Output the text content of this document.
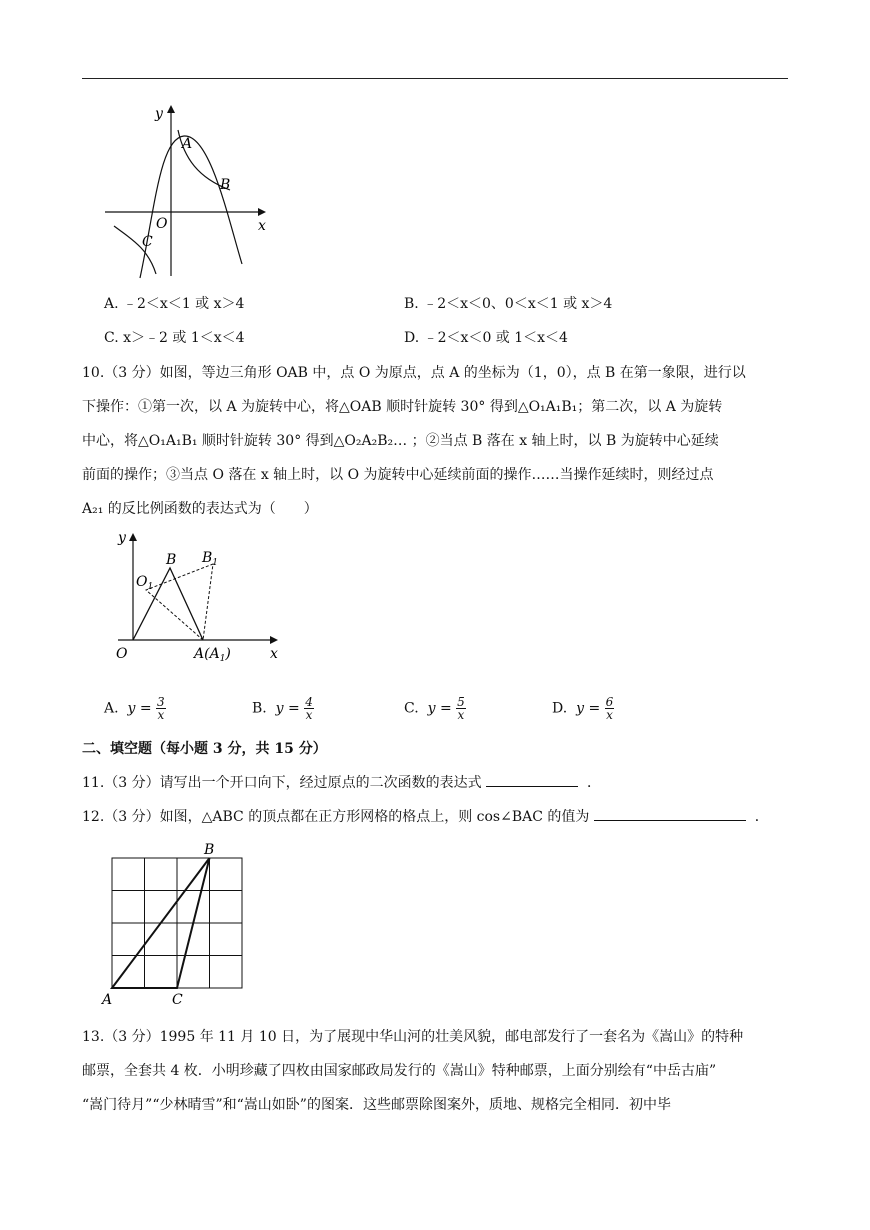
y
x
O
A
B
C
A. ﹣2＜x＜1 或 x＞4	B. ﹣2＜x＜0、0＜x＜1 或 x＞4
C. x＞﹣2 或 1＜x＜4	D. ﹣2＜x＜0 或 1＜x＜4
10.（3 分）如图，等边三角形 OAB 中，点 O 为原点，点 A 的坐标为（1，0），点 B 在第一象限，进行以
下操作：①第一次，以 A 为旋转中心，将△OAB 顺时针旋转 30° 得到△O₁A₁B₁；第二次，以 A 为旋转
中心，将△O₁A₁B₁ 顺时针旋转 30° 得到△O₂A₂B₂… ；②当点 B 落在 x 轴上时，以 B 为旋转中心延续
前面的操作；③当点 O 落在 x 轴上时，以 O 为旋转中心延续前面的操作……当操作延续时，则经过点
A₂₁ 的反比例函数的表达式为（　　）
y
x
O
B $B_1$
$O_1$
$A(A_1)$
A. $y = \frac{3}{x}$	B. $y = \frac{4}{x}$	C. $y = \frac{5}{x}$	D. $y = \frac{6}{x}$
二、填空题（每小题 3 分，共 15 分）
11.（3 分）请写出一个开口向下，经过原点的二次函数的表达式	．
12.（3 分）如图，△ABC 的顶点都在正方形网格的格点上，则 cos∠BAC 的值为	．
A
B
C
13.（3 分）1995 年 11 月 10 日，为了展现中华山河的壮美风貌，邮电部发行了一套名为《嵩山》的特种
邮票，全套共 4 枚．小明珍藏了四枚由国家邮政局发行的《嵩山》特种邮票，上面分别绘有“中岳古庙”
“嵩门待月”“少林晴雪”和“嵩山如卧”的图案．这些邮票除图案外，质地、规格完全相同．初中毕
